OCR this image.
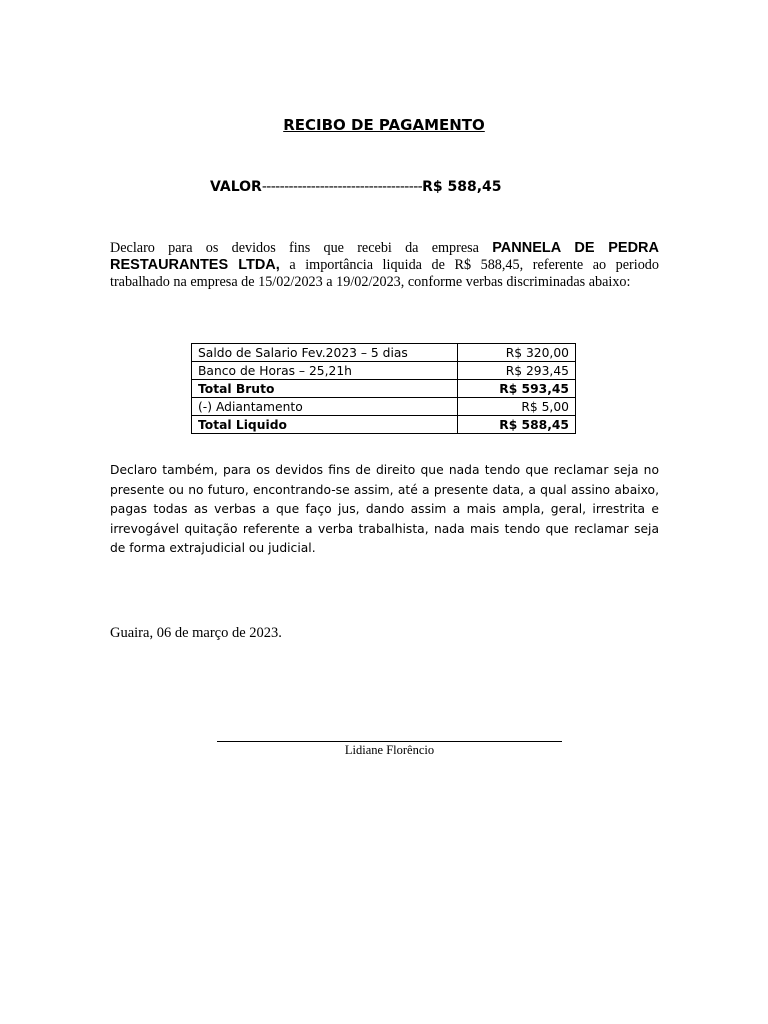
RECIBO DE PAGAMENTO
VALOR------------------------------------R$ 588,45
Declaro para os devidos fins que recebi da empresa PANNELA DE PEDRA RESTAURANTES LTDA, a importância liquida de R$ 588,45, referente ao periodo trabalhado na empresa de 15/02/2023 a 19/02/2023, conforme verbas discriminadas abaixo:
Saldo de Salario Fev.2023 – 5 dias	R$ 320,00
Banco de Horas – 25,21h	R$ 293,45
Total Bruto	R$ 593,45
(-) Adiantamento	R$ 5,00
Total Liquido	R$ 588,45
Declaro também, para os devidos fins de direito que nada tendo que reclamar seja no presente ou no futuro, encontrando-se assim, até a presente data, a qual assino abaixo, pagas todas as verbas a que faço jus, dando assim a mais ampla, geral, irrestrita e irrevogável quitação referente a verba trabalhista, nada mais tendo que reclamar seja de forma extrajudicial ou judicial.
Guaira, 06 de março de 2023.
Lidiane Florêncio
